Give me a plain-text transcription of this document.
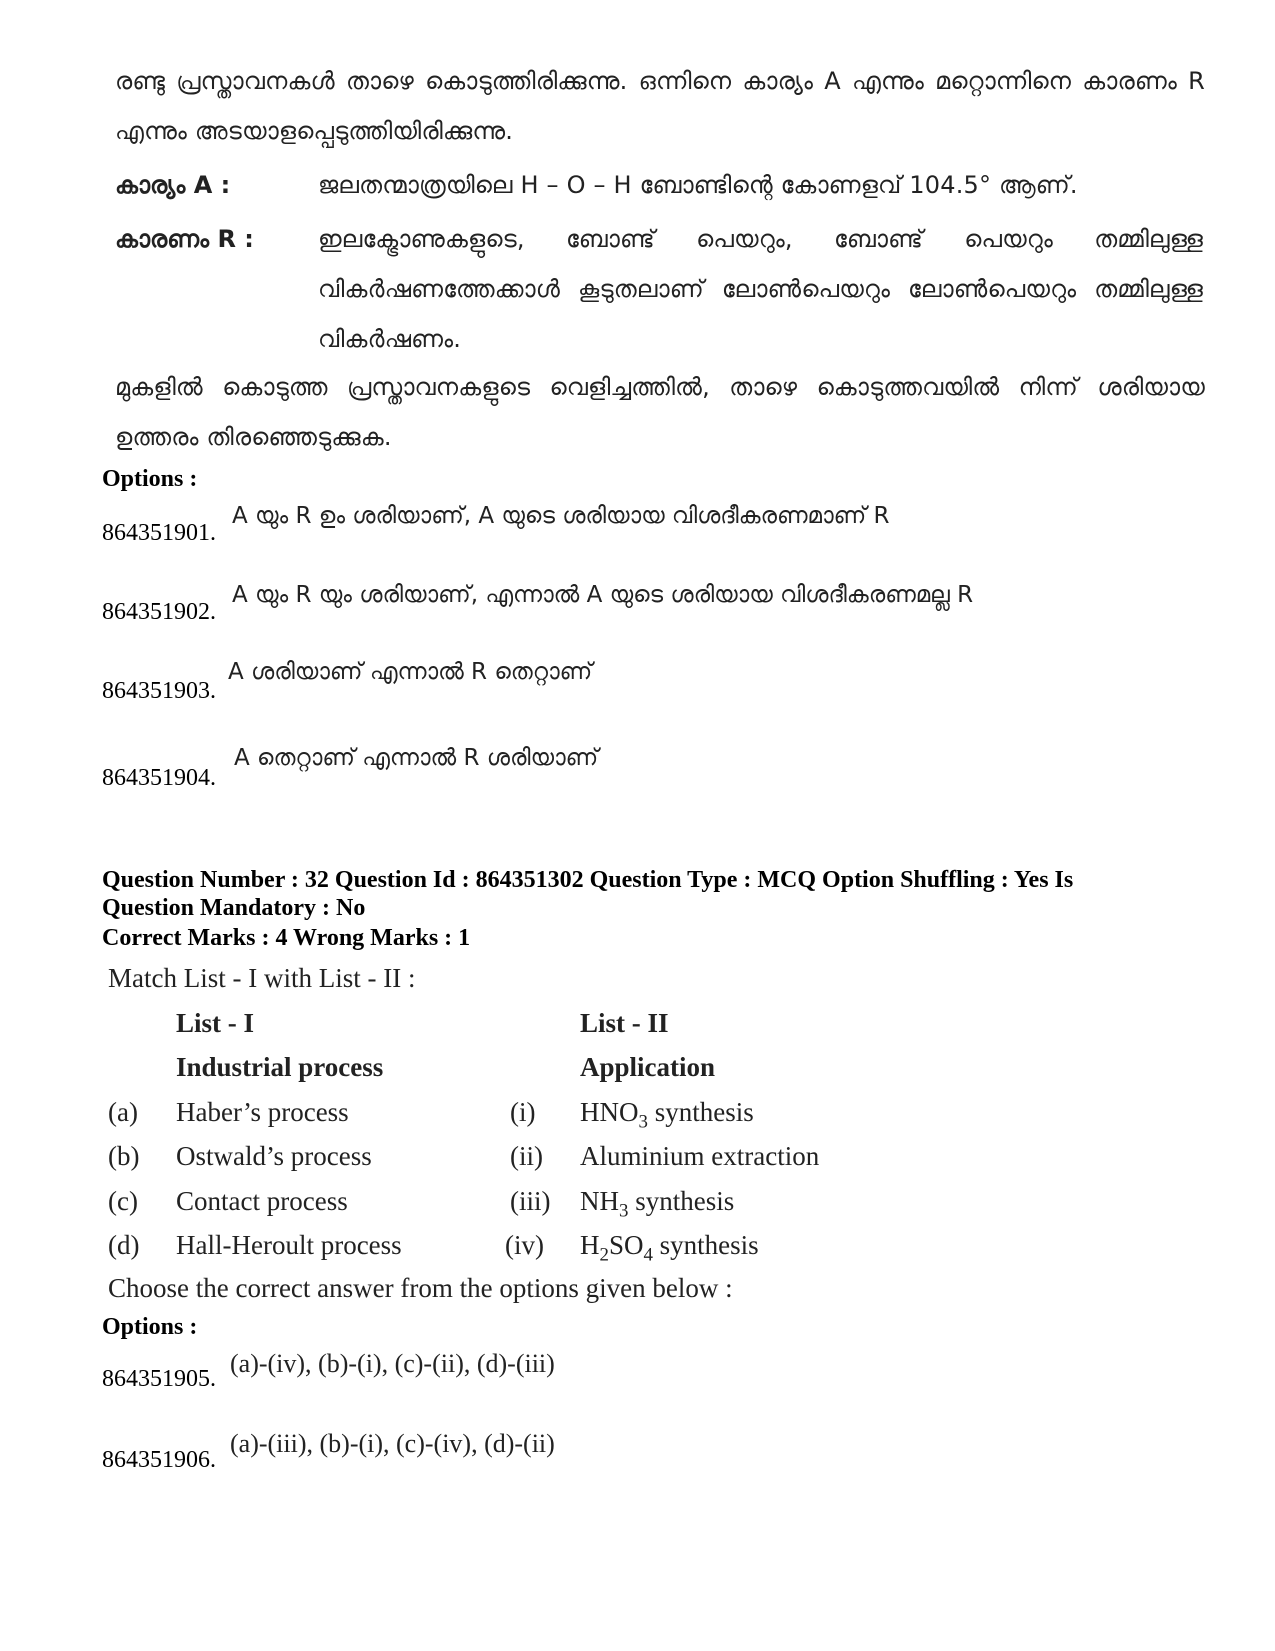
രണ്ടു പ്രസ്താവനകൾ താഴെ കൊടുത്തിരിക്കുന്നു. ഒന്നിനെ കാര്യം A എന്നും മറ്റൊന്നിനെ കാരണം R എന്നും അടയാളപ്പെടുത്തിയിരിക്കുന്നു.
കാര്യം A :	ജലതന്മാത്രയിലെ H – O – H ബോണ്ടിന്റെ കോണളവ് 104.5° ആണ്.
കാരണം R :	ഇലക്ട്രോണുകളുടെ, ബോണ്ട് പെയറും, ബോണ്ട് പെയറും തമ്മിലുള്ള വികർഷണത്തേക്കാൾ കൂടുതലാണ് ലോൺപെയറും ലോൺപെയറും തമ്മിലുള്ള വികർഷണം.
മുകളിൽ കൊടുത്ത പ്രസ്താവനകളുടെ വെളിച്ചത്തിൽ, താഴെ കൊടുത്തവയിൽ നിന്ന് ശരിയായ ഉത്തരം തിരഞ്ഞെടുക്കുക.
Options :
864351901.
A യും R ഉം ശരിയാണ്, A യുടെ ശരിയായ വിശദീകരണമാണ് R
864351902.
A യും R യും ശരിയാണ്, എന്നാൽ A യുടെ ശരിയായ വിശദീകരണമല്ല R
864351903.
A ശരിയാണ് എന്നാൽ R തെറ്റാണ്
864351904.
A തെറ്റാണ് എന്നാൽ R ശരിയാണ്
Question Number : 32 Question Id : 864351302 Question Type : MCQ Option Shuffling : Yes Is
Question Mandatory : No
Correct Marks : 4 Wrong Marks : 1
Match List - I with List - II :
List - I	List - II
Industrial process	Application
(a) Haber’s process	(i) $HNO_3$ synthesis
(b) Ostwald’s process	(ii) Aluminium extraction
(c) Contact process	(iii) $NH_3$ synthesis
(d) Hall-Heroult process	(iv) $H_2SO_4$ synthesis
Choose the correct answer from the options given below :
Options :
864351905.
(a)-(iv), (b)-(i), (c)-(ii), (d)-(iii)
864351906.
(a)-(iii), (b)-(i), (c)-(iv), (d)-(ii)
